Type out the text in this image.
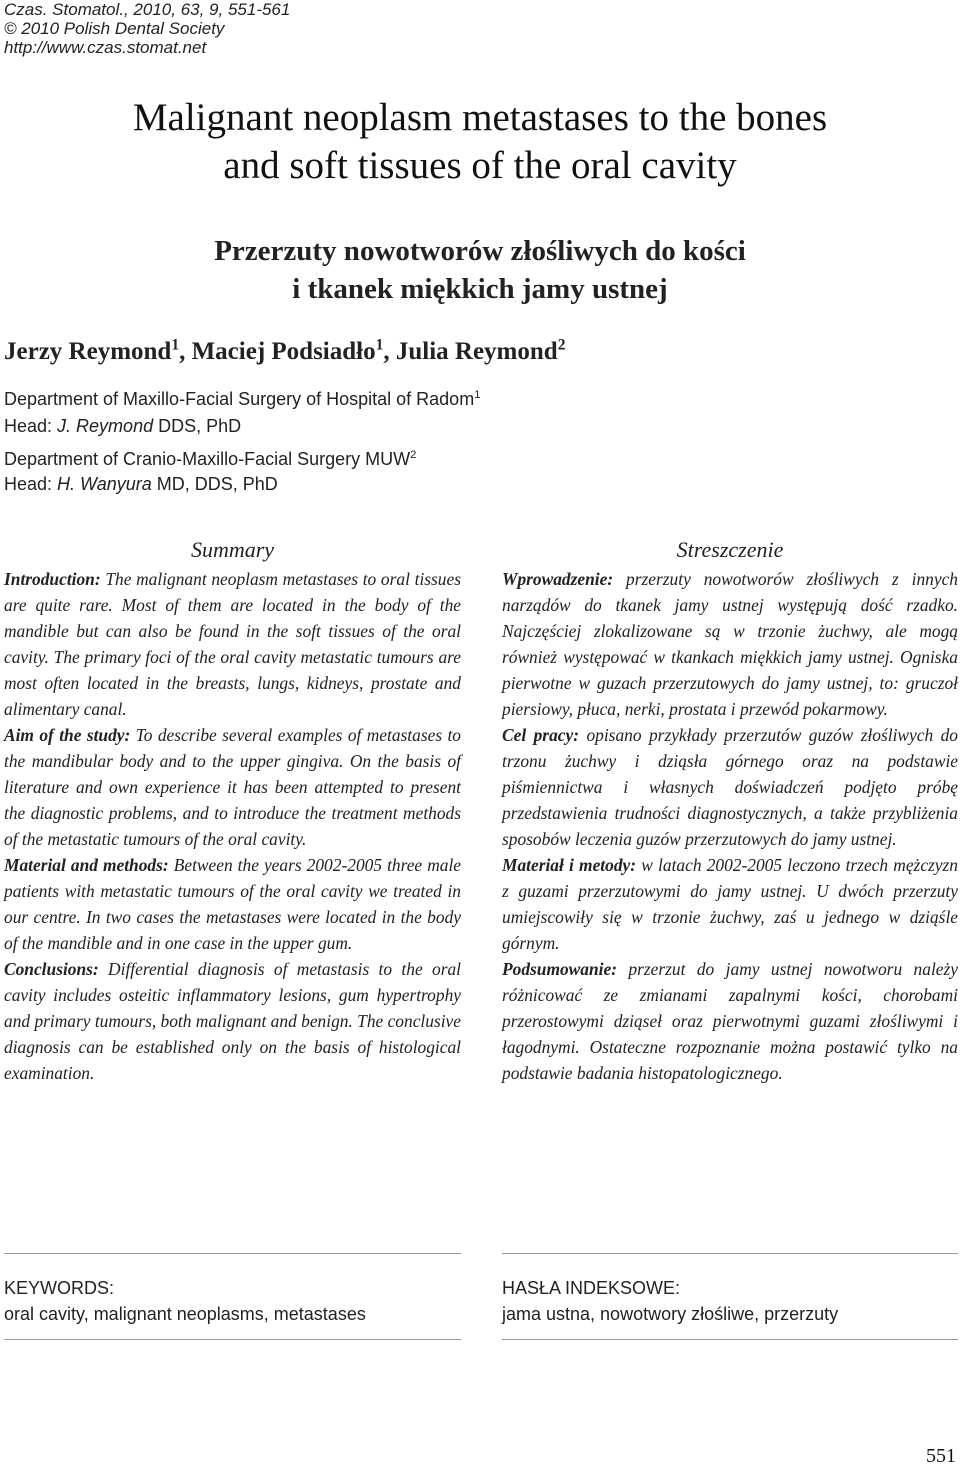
Czas. Stomatol., 2010, 63, 9, 551-561
© 2010 Polish Dental Society
http://www.czas.stomat.net
Malignant neoplasm metastases to the bones
and soft tissues of the oral cavity
Przerzuty nowotworów złośliwych do kości
i tkanek miękkich jamy ustnej
Jerzy Reymond$^1$, Maciej Podsiadło$^1$, Julia Reymond$^2$
Department of Maxillo-Facial Surgery of Hospital of Radom$^1$
Head: J. Reymond DDS, PhD
Department of Cranio-Maxillo-Facial Surgery MUW$^2$
Head: H. Wanyura MD, DDS, PhD
Summary

Introduction: The malignant neoplasm metastases to oral tissues are quite rare. Most of them are located in the body of the mandible but can also be found in the soft tissues of the oral cavity. The primary foci of the oral cavity metastatic tumours are most often located in the breasts, lungs, kidneys, prostate and alimentary canal.

Aim of the study: To describe several examples of metastases to the mandibular body and to the upper gingiva. On the basis of literature and own experience it has been attempted to present the diagnostic problems, and to introduce the treatment methods of the metastatic tumours of the oral cavity.

Material and methods: Between the years 2002-2005 three male patients with metastatic tumours of the oral cavity we treated in our centre. In two cases the metastases were located in the body of the mandible and in one case in the upper gum.

Conclusions: Differential diagnosis of metastasis to the oral cavity includes osteitic inflammatory lesions, gum hypertrophy and primary tumours, both malignant and benign. The conclusive diagnosis can be established only on the basis of histological examination.

Streszczenie

Wprowadzenie: przerzuty nowotworów złośliwych z innych narządów do tkanek jamy ustnej występują dość rzadko. Najczęściej zlokalizowane są w trzonie żuchwy, ale mogą również występować w tkankach miękkich jamy ustnej. Ogniska pierwotne w guzach przerzutowych do jamy ustnej, to: gruczoł piersiowy, płuca, nerki, prostata i przewód pokarmowy.

Cel pracy: opisano przykłady przerzutów guzów złośliwych do trzonu żuchwy i dziąsła górnego oraz na podstawie piśmiennictwa i własnych doświadczeń podjęto próbę przedstawienia trudności diagnostycznych, a także przybliżenia sposobów leczenia guzów przerzutowych do jamy ustnej.

Materiał i metody: w latach 2002-2005 leczono trzech mężczyzn z guzami przerzutowymi do jamy ustnej. U dwóch przerzuty umiejscowiły się w trzonie żuchwy, zaś u jednego w dziąśle górnym.

Podsumowanie: przerzut do jamy ustnej nowotworu należy różnicować ze zmianami zapalnymi kości, chorobami przerostowymi dziąseł oraz pierwotnymi guzami złośliwymi i łagodnymi. Ostateczne rozpoznanie można postawić tylko na podstawie badania histopatologicznego.

KEYWORDS:
oral cavity, malignant neoplasms, metastases
HASŁA INDEKSOWE:
jama ustna, nowotwory złośliwe, przerzuty
551
